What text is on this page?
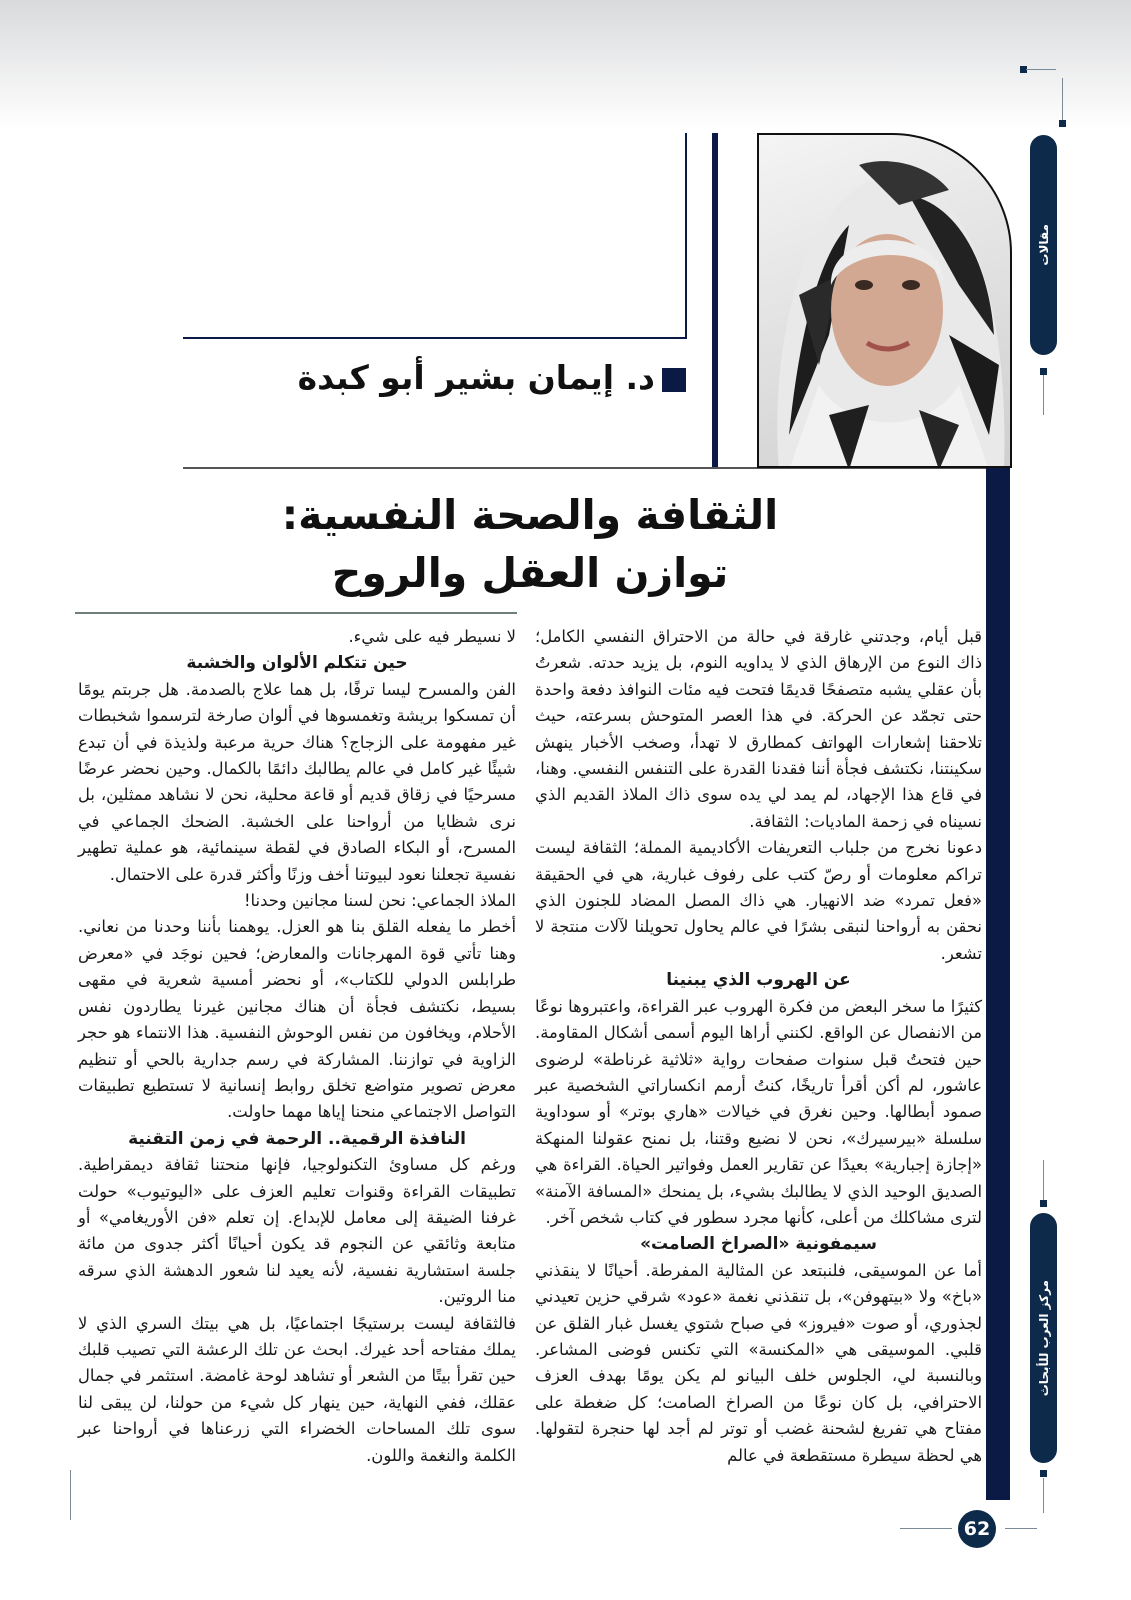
مقالات
د. إيمان بشير أبو كبدة
الثقافة والصحة النفسية:
توازن العقل والروح

قبل أيام، وجدتني غارقة في حالة من الاحتراق النفسي الكامل؛ ذاك النوع من الإرهاق الذي لا يداويه النوم، بل يزيد حدته. شعرتُ بأن عقلي يشبه متصفحًا قديمًا فتحت فيه مئات النوافذ دفعة واحدة حتى تجمّد عن الحركة. في هذا العصر المتوحش بسرعته، حيث تلاحقنا إشعارات الهواتف كمطارق لا تهدأ، وصخب الأخبار ينهش سكينتنا، نكتشف فجأة أننا فقدنا القدرة على التنفس النفسي. وهنا، في قاع هذا الإجهاد، لم يمد لي يده سوى ذاك الملاذ القديم الذي نسيناه في زحمة الماديات: الثقافة.

دعونا نخرج من جلباب التعريفات الأكاديمية المملة؛ الثقافة ليست تراكم معلومات أو رصّ كتب على رفوف غبارية، هي في الحقيقة «فعل تمرد» ضد الانهيار. هي ذاك المصل المضاد للجنون الذي نحقن به أرواحنا لنبقى بشرًا في عالم يحاول تحويلنا لآلات منتجة لا تشعر.

عن الهروب الذي يبنينا

كثيرًا ما سخر البعض من فكرة الهروب عبر القراءة، واعتبروها نوعًا من الانفصال عن الواقع. لكنني أراها اليوم أسمى أشكال المقاومة. حين فتحتُ قبل سنوات صفحات رواية «ثلاثية غرناطة» لرضوى عاشور، لم أكن أقرأ تاريخًا، كنتُ أرمم انكساراتي الشخصية عبر صمود أبطالها. وحين نغرق في خيالات «هاري بوتر» أو سوداوية سلسلة «بيرسيرك»، نحن لا نضيع وقتنا، بل نمنح عقولنا المنهكة «إجازة إجبارية» بعيدًا عن تقارير العمل وفواتير الحياة. القراءة هي الصديق الوحيد الذي لا يطالبك بشيء، بل يمنحك «المسافة الآمنة» لترى مشاكلك من أعلى، كأنها مجرد سطور في كتاب شخص آخر.

سيمفونية «الصراخ الصامت»

أما عن الموسيقى، فلنبتعد عن المثالية المفرطة. أحيانًا لا ينقذني «باخ» ولا «بيتهوفن»، بل تنقذني نغمة «عود» شرقي حزين تعيدني لجذوري، أو صوت «فيروز» في صباح شتوي يغسل غبار القلق عن قلبي. الموسيقى هي «المكنسة» التي تكنس فوضى المشاعر. وبالنسبة لي، الجلوس خلف البيانو لم يكن يومًا بهدف العزف الاحترافي، بل كان نوعًا من الصراخ الصامت؛ كل ضغطة على مفتاح هي تفريغ لشحنة غضب أو توتر لم أجد لها حنجرة لتقولها. هي لحظة سيطرة مستقطعة في عالم

لا نسيطر فيه على شيء.

حين تتكلم الألوان والخشبة

الفن والمسرح ليسا ترفًا، بل هما علاج بالصدمة. هل جربتم يومًا أن تمسكوا بريشة وتغمسوها في ألوان صارخة لترسموا شخبطات غير مفهومة على الزجاج؟ هناك حرية مرعبة ولذيذة في أن تبدع شيئًا غير كامل في عالم يطالبك دائمًا بالكمال. وحين نحضر عرضًا مسرحيًا في زقاق قديم أو قاعة محلية، نحن لا نشاهد ممثلين، بل نرى شظايا من أرواحنا على الخشبة. الضحك الجماعي في المسرح، أو البكاء الصادق في لقطة سينمائية، هو عملية تطهير نفسية تجعلنا نعود لبيوتنا أخف وزنًا وأكثر قدرة على الاحتمال.

الملاذ الجماعي: نحن لسنا مجانين وحدنا!

أخطر ما يفعله القلق بنا هو العزل. يوهمنا بأننا وحدنا من نعاني. وهنا تأتي قوة المهرجانات والمعارض؛ فحين نوجَد في «معرض طرابلس الدولي للكتاب»، أو نحضر أمسية شعرية في مقهى بسيط، نكتشف فجأة أن هناك مجانين غيرنا يطاردون نفس الأحلام، ويخافون من نفس الوحوش النفسية. هذا الانتماء هو حجر الزاوية في توازننا. المشاركة في رسم جدارية بالحي أو تنظيم معرض تصوير متواضع تخلق روابط إنسانية لا تستطيع تطبيقات التواصل الاجتماعي منحنا إياها مهما حاولت.

النافذة الرقمية.. الرحمة في زمن التقنية

ورغم كل مساوئ التكنولوجيا، فإنها منحتنا ثقافة ديمقراطية. تطبيقات القراءة وقنوات تعليم العزف على «اليوتيوب» حولت غرفنا الضيقة إلى معامل للإبداع. إن تعلم «فن الأوريغامي» أو متابعة وثائقي عن النجوم قد يكون أحيانًا أكثر جدوى من مائة جلسة استشارية نفسية، لأنه يعيد لنا شعور الدهشة الذي سرقه منا الروتين.

فالثقافة ليست برستيجًا اجتماعيًا، بل هي بيتك السري الذي لا يملك مفتاحه أحد غيرك. ابحث عن تلك الرعشة التي تصيب قلبك حين تقرأ بيتًا من الشعر أو تشاهد لوحة غامضة. استثمر في جمال عقلك، ففي النهاية، حين ينهار كل شيء من حولنا، لن يبقى لنا سوى تلك المساحات الخضراء التي زرعناها في أرواحنا عبر الكلمة والنغمة واللون.

مركز العرب للأبحاث
62
